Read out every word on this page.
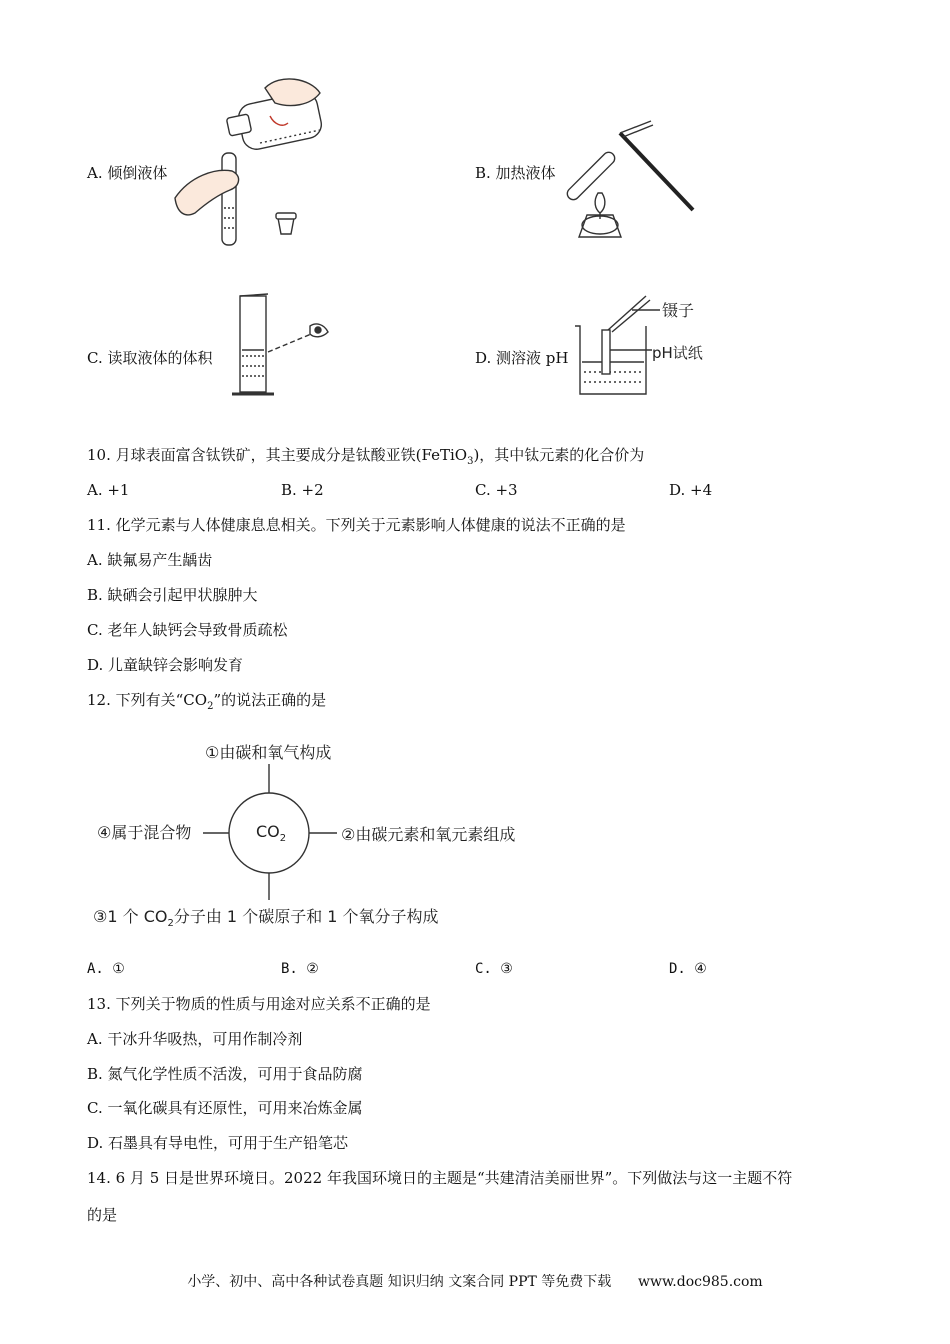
A. 倾倒液体	B. 加热液体
C. 读取液体的体积	D. 测溶液 pH
镊子
pH试纸
10. 月球表面富含钛铁矿，其主要成分是钛酸亚铁(FeTiO$_3$)，其中钛元素的化合价为
A. +1	B. +2	C. +3	D. +4
11. 化学元素与人体健康息息相关。下列关于元素影响人体健康的说法不正确的是
A. 缺氟易产生龋齿
B. 缺硒会引起甲状腺肿大
C. 老年人缺钙会导致骨质疏松
D. 儿童缺锌会影响发育
12. 下列有关“$CO_2$”的说法正确的是
$CO_2$
①由碳和氧气构成
②由碳元素和氧元素组成
④属于混合物
③1 个 $CO_2$分子由 1 个碳原子和 1 个氧分子构成
A. ①	B. ②	C. ③	D. ④
13. 下列关于物质的性质与用途对应关系不正确的是
A. 干冰升华吸热，可用作制冷剂
B. 氮气化学性质不活泼，可用于食品防腐
C. 一氧化碳具有还原性，可用来冶炼金属
D. 石墨具有导电性，可用于生产铅笔芯
14. 6 月 5 日是世界环境日。2022 年我国环境日的主题是“共建清洁美丽世界”。下列做法与这一主题不符
的是
小学、初中、高中各种试卷真题 知识归纳 文案合同 PPT 等免费下载 www.doc985.com
